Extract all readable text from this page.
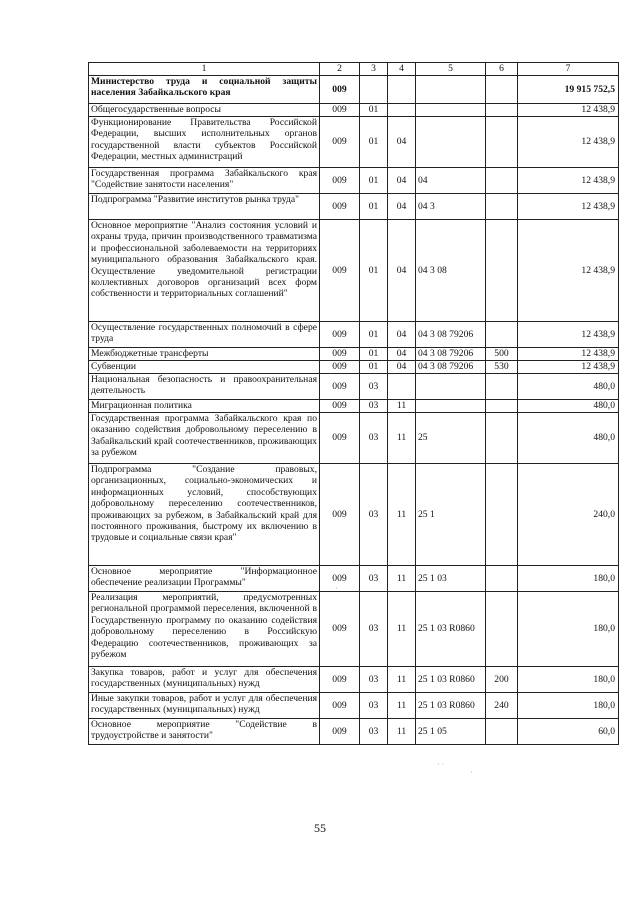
1	2	3	4	5	6	7
Министерство труда и социальной защиты населения Забайкальского края	009					19 915 752,5
Общегосударственные вопросы	009	01				12 438,9
Функционирование Правительства Российской Федерации, высших исполнительных органов государственной власти субъектов Российской Федерации, местных администраций	009	01	04			12 438,9
Государственная программа Забайкальского края "Содействие занятости населения"	009	01	04	04		12 438,9
Подпрограмма "Развитие институтов рынка труда"	009	01	04	04 3		12 438,9
Основное мероприятие "Анализ состояния условий и охраны труда, причин производственного травматизма и профессиональной заболеваемости на территориях муниципального образования Забайкальского края. Осуществление уведомительной регистрации коллективных договоров организаций всех форм собственности и территориальных соглашений"	009	01	04	04 3 08		12 438,9
Осуществление государственных полномочий в сфере труда	009	01	04	04 3 08 79206		12 438,9
Межбюджетные трансферты	009	01	04	04 3 08 79206	500	12 438,9
Субвенции	009	01	04	04 3 08 79206	530	12 438,9
Национальная безопасность и правоохранительная деятельность	009	03				480,0
Миграционная политика	009	03	11			480,0
Государственная программа Забайкальского края по оказанию содействия добровольному переселению в Забайкальский край соотечественников, проживающих за рубежом	009	03	11	25		480,0
Подпрограмма "Создание правовых, организационных, социально-экономических и информационных условий, способствующих добровольному переселению соотечественников, проживающих за рубежом, в Забайкальский край для постоянного проживания, быстрому их включению в трудовые и социальные связи края"	009	03	11	25 1		240,0
Основное мероприятие "Информационное обеспечение реализации Программы"	009	03	11	25 1 03		180,0
Реализация мероприятий, предусмотренных региональной программой переселения, включенной в Государственную программу по оказанию содействия добровольному переселению в Российскую Федерацию соотечественников, проживающих за рубежом	009	03	11	25 1 03 R0860		180,0
Закупка товаров, работ и услуг для обеспечения государственных (муниципальных) нужд	009	03	11	25 1 03 R0860	200	180,0
Иные закупки товаров, работ и услуг для обеспечения государственных (муниципальных) нужд	009	03	11	25 1 03 R0860	240	180,0
Основное мероприятие "Содействие в трудоустройстве и занятости"	009	03	11	25 1 05		60,0
55
· ·
·
·
